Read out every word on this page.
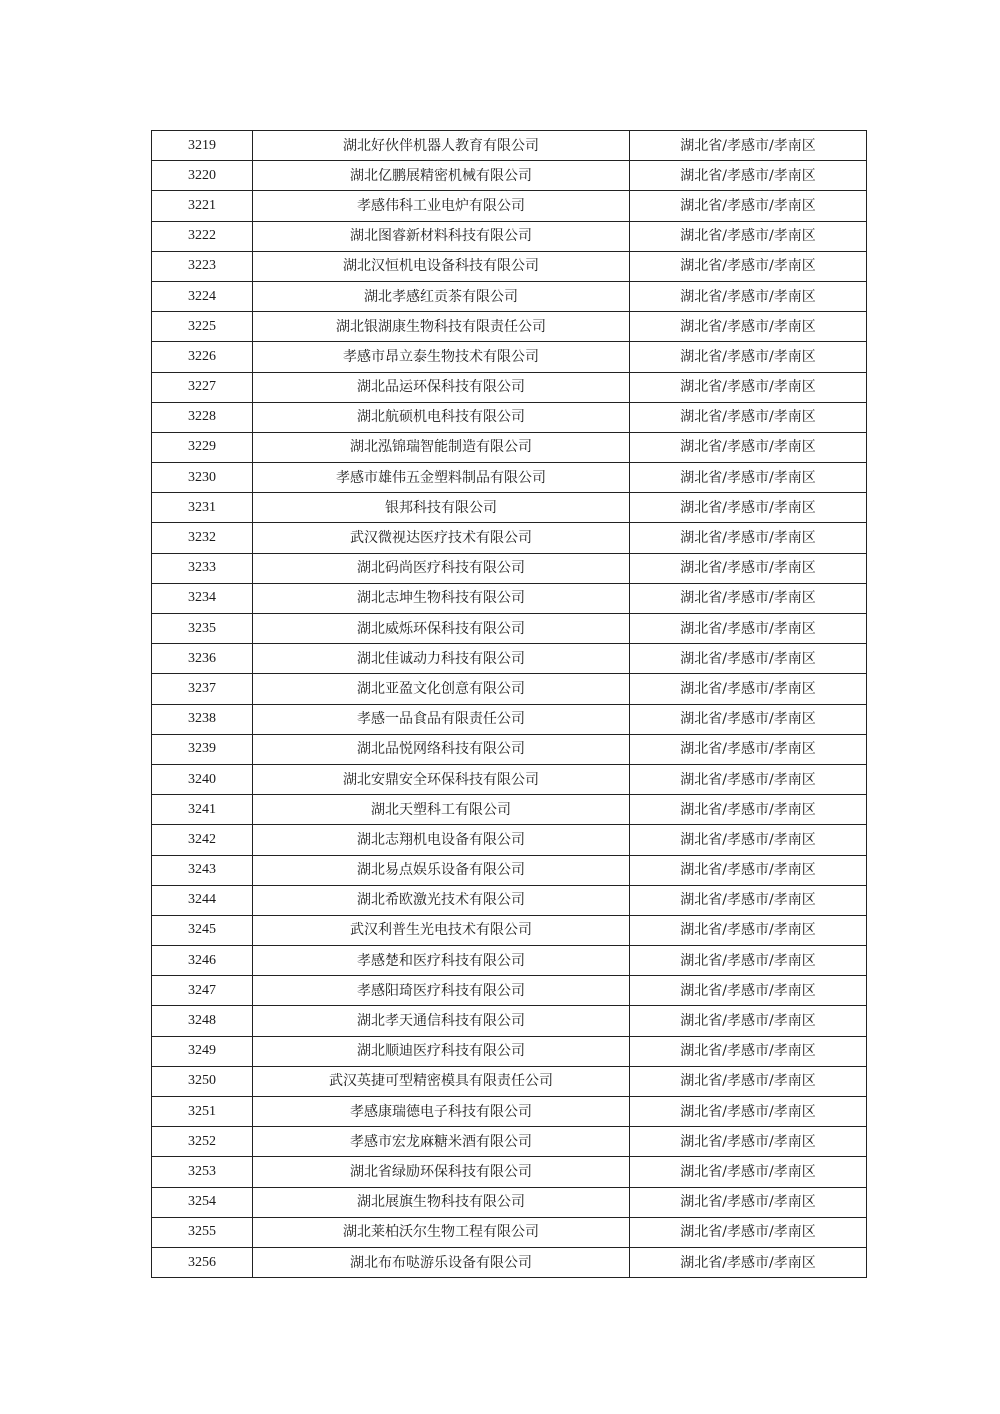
3219	湖北好伙伴机器人教育有限公司	湖北省/孝感市/孝南区
3220	湖北亿鹏展精密机械有限公司	湖北省/孝感市/孝南区
3221	孝感伟科工业电炉有限公司	湖北省/孝感市/孝南区
3222	湖北图睿新材料科技有限公司	湖北省/孝感市/孝南区
3223	湖北汉恒机电设备科技有限公司	湖北省/孝感市/孝南区
3224	湖北孝感红贡茶有限公司	湖北省/孝感市/孝南区
3225	湖北银湖康生物科技有限责任公司	湖北省/孝感市/孝南区
3226	孝感市昂立泰生物技术有限公司	湖北省/孝感市/孝南区
3227	湖北品运环保科技有限公司	湖北省/孝感市/孝南区
3228	湖北航硕机电科技有限公司	湖北省/孝感市/孝南区
3229	湖北泓锦瑞智能制造有限公司	湖北省/孝感市/孝南区
3230	孝感市雄伟五金塑料制品有限公司	湖北省/孝感市/孝南区
3231	银邦科技有限公司	湖北省/孝感市/孝南区
3232	武汉微视达医疗技术有限公司	湖北省/孝感市/孝南区
3233	湖北码尚医疗科技有限公司	湖北省/孝感市/孝南区
3234	湖北志坤生物科技有限公司	湖北省/孝感市/孝南区
3235	湖北威烁环保科技有限公司	湖北省/孝感市/孝南区
3236	湖北佳诚动力科技有限公司	湖北省/孝感市/孝南区
3237	湖北亚盈文化创意有限公司	湖北省/孝感市/孝南区
3238	孝感一品食品有限责任公司	湖北省/孝感市/孝南区
3239	湖北品悦网络科技有限公司	湖北省/孝感市/孝南区
3240	湖北安鼎安全环保科技有限公司	湖北省/孝感市/孝南区
3241	湖北天塑科工有限公司	湖北省/孝感市/孝南区
3242	湖北志翔机电设备有限公司	湖北省/孝感市/孝南区
3243	湖北易点娱乐设备有限公司	湖北省/孝感市/孝南区
3244	湖北希欧激光技术有限公司	湖北省/孝感市/孝南区
3245	武汉利普生光电技术有限公司	湖北省/孝感市/孝南区
3246	孝感楚和医疗科技有限公司	湖北省/孝感市/孝南区
3247	孝感阳琦医疗科技有限公司	湖北省/孝感市/孝南区
3248	湖北孝天通信科技有限公司	湖北省/孝感市/孝南区
3249	湖北顺迪医疗科技有限公司	湖北省/孝感市/孝南区
3250	武汉英捷可型精密模具有限责任公司	湖北省/孝感市/孝南区
3251	孝感康瑞德电子科技有限公司	湖北省/孝感市/孝南区
3252	孝感市宏龙麻糖米酒有限公司	湖北省/孝感市/孝南区
3253	湖北省绿励环保科技有限公司	湖北省/孝感市/孝南区
3254	湖北展旗生物科技有限公司	湖北省/孝感市/孝南区
3255	湖北莱柏沃尔生物工程有限公司	湖北省/孝感市/孝南区
3256	湖北布布哒游乐设备有限公司	湖北省/孝感市/孝南区
